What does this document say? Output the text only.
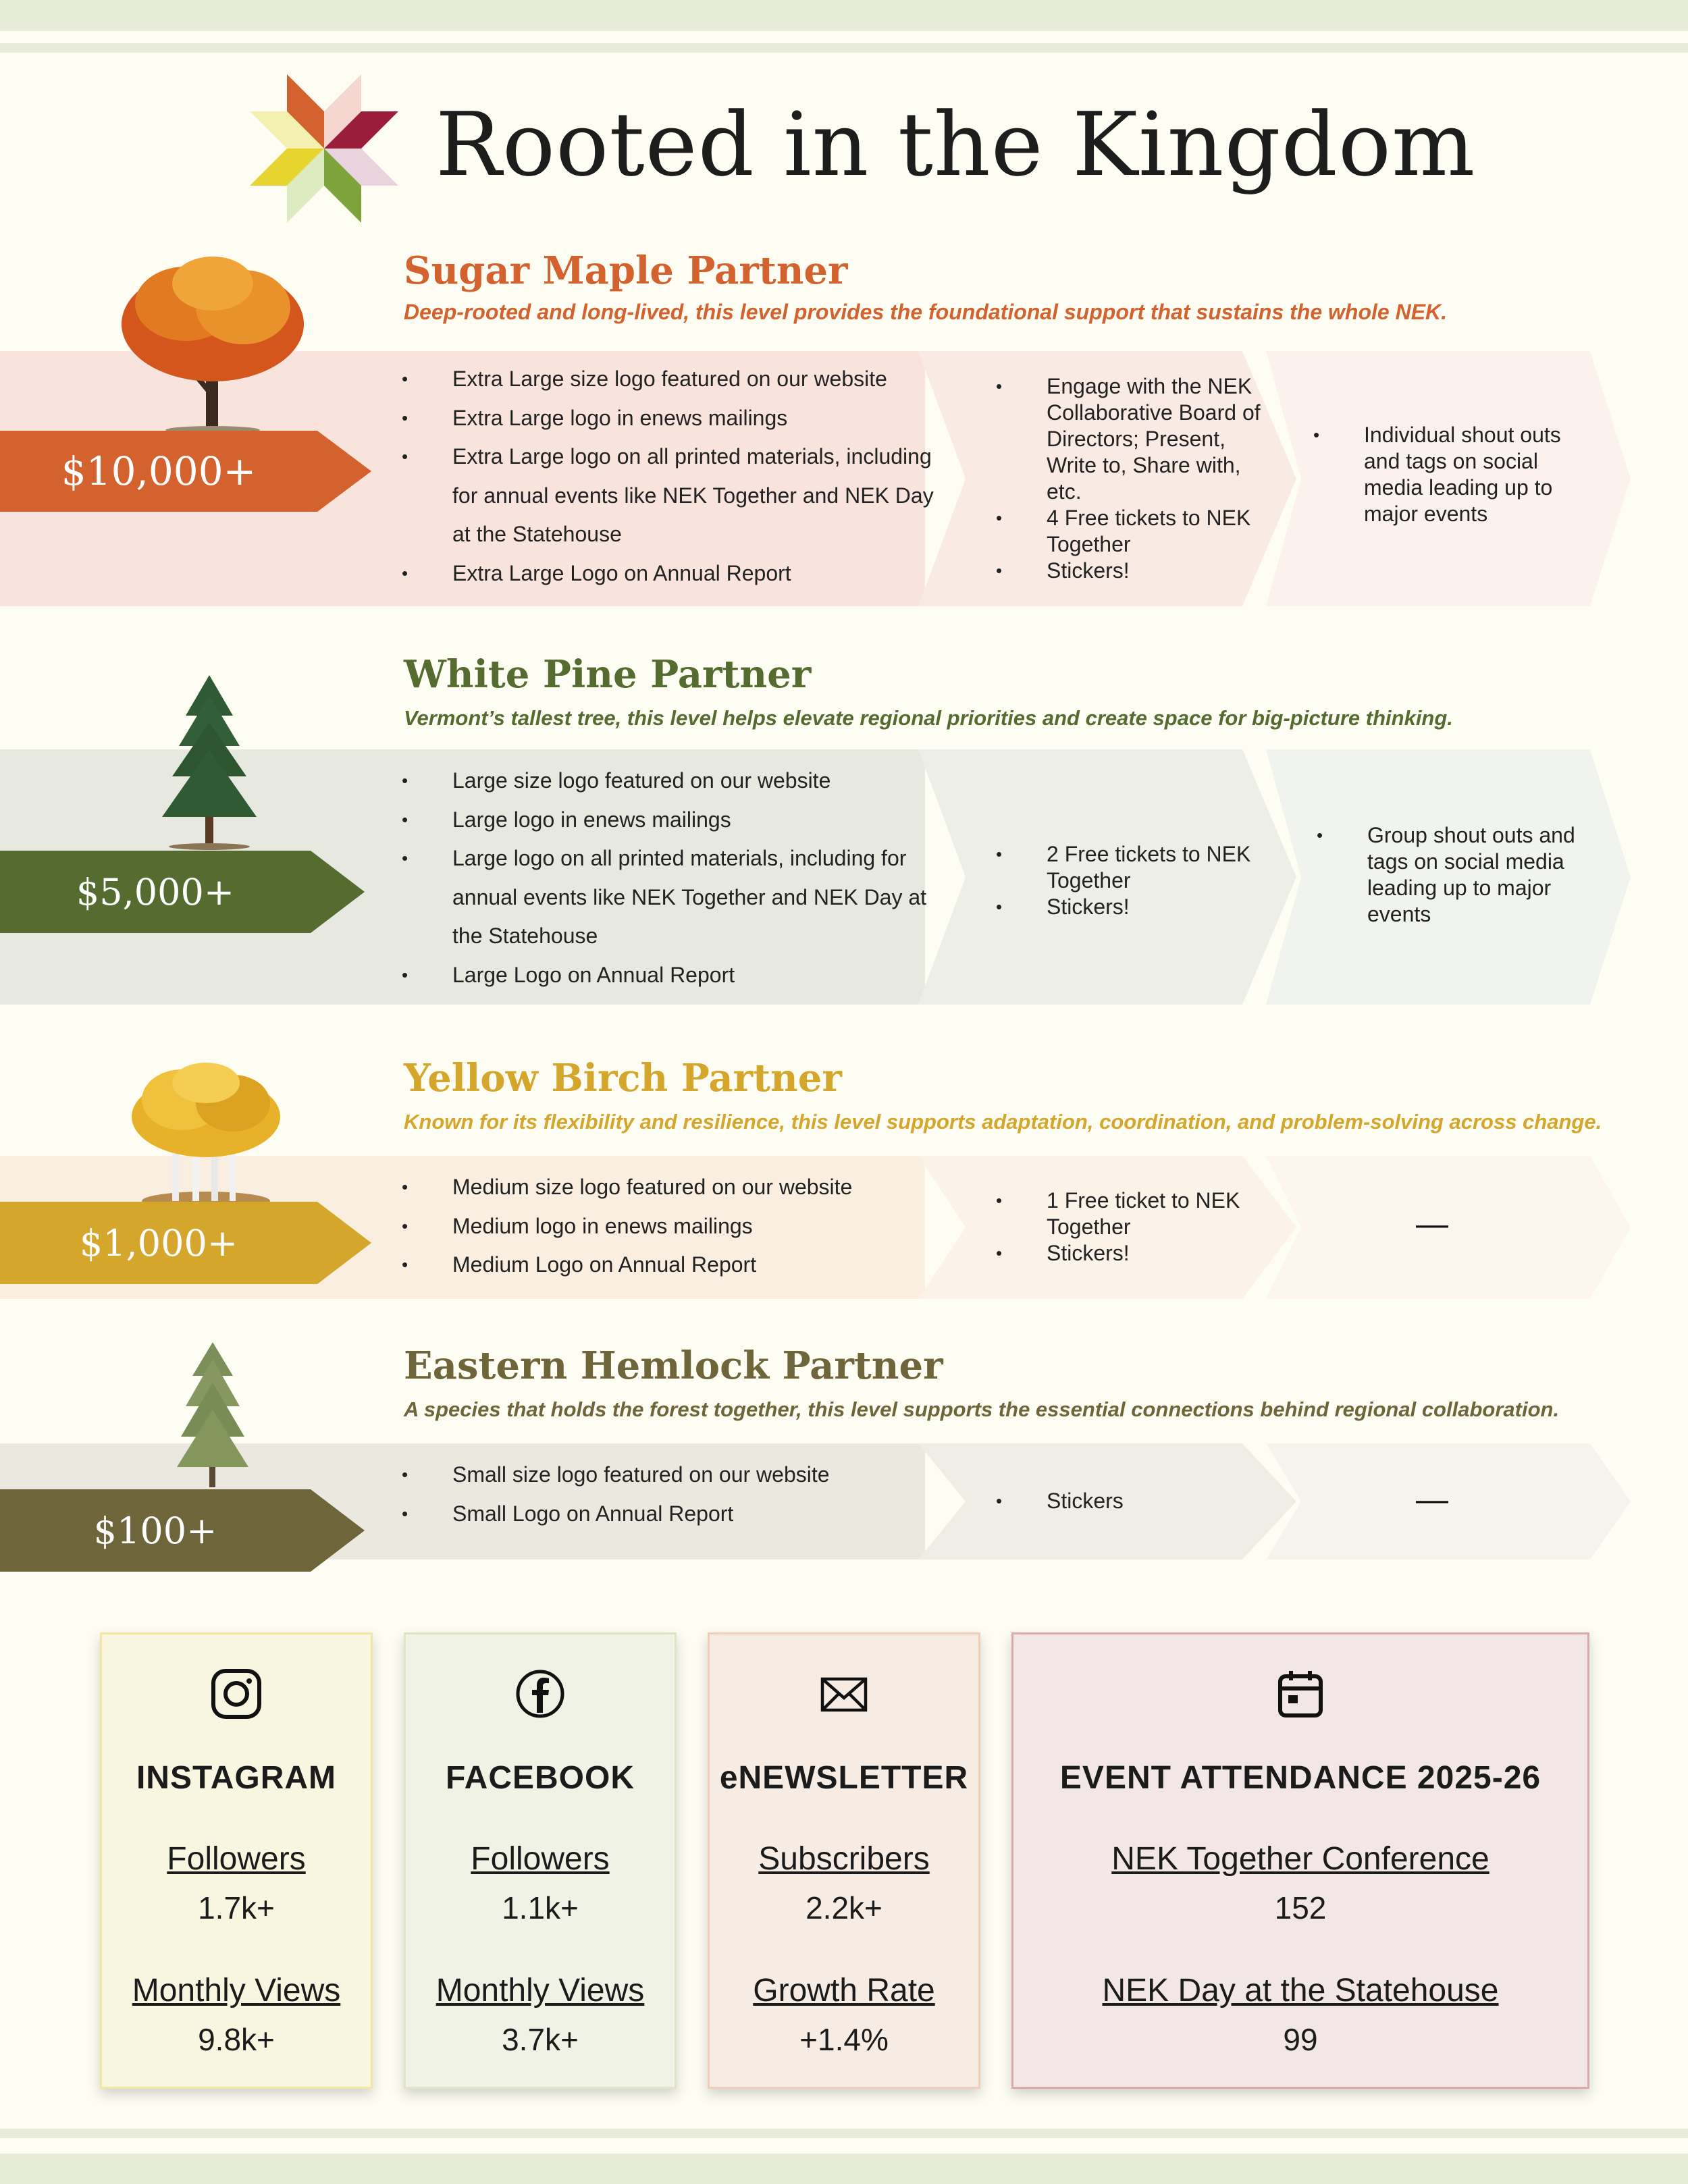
Rooted in the Kingdom
Sugar Maple Partner
Deep-rooted and long-lived, this level provides the foundational support that sustains the whole NEK.
$10,000+
• Extra Large size logo featured on our website
• Extra Large logo in enews mailings
• Extra Large logo on all printed materials, including for annual events like NEK Together and NEK Day at the Statehouse
• Extra Large Logo on Annual Report
• Engage with the NEK Collaborative Board of Directors; Present, Write to, Share with, etc.
• 4 Free tickets to NEK Together
• Stickers!
• Individual shout outs and tags on social media leading up to major events
White Pine Partner
Vermont’s tallest tree, this level helps elevate regional priorities and create space for big-picture thinking.
$5,000+
• Large size logo featured on our website
• Large logo in enews mailings
• Large logo on all printed materials, including for annual events like NEK Together and NEK Day at the Statehouse
• Large Logo on Annual Report
• 2 Free tickets to NEK Together
• Stickers!
• Group shout outs and tags on social media leading up to major events
Yellow Birch Partner
Known for its flexibility and resilience, this level supports adaptation, coordination, and problem-solving across change.
$1,000+
• Medium size logo featured on our website
• Medium logo in enews mailings
• Medium Logo on Annual Report
• 1 Free ticket to NEK Together
• Stickers!
—
Eastern Hemlock Partner
A species that holds the forest together, this level supports the essential connections behind regional collaboration.
$100+
• Small size logo featured on our website
• Small Logo on Annual Report
• Stickers	—
INSTAGRAM
Followers
1.7k+
Monthly Views
9.8k+
FACEBOOK
Followers
1.1k+
Monthly Views
3.7k+
eNEWSLETTER
Subscribers
2.2k+
Growth Rate
+1.4%
EVENT ATTENDANCE 2025-26
NEK Together Conference
152
NEK Day at the Statehouse
99
